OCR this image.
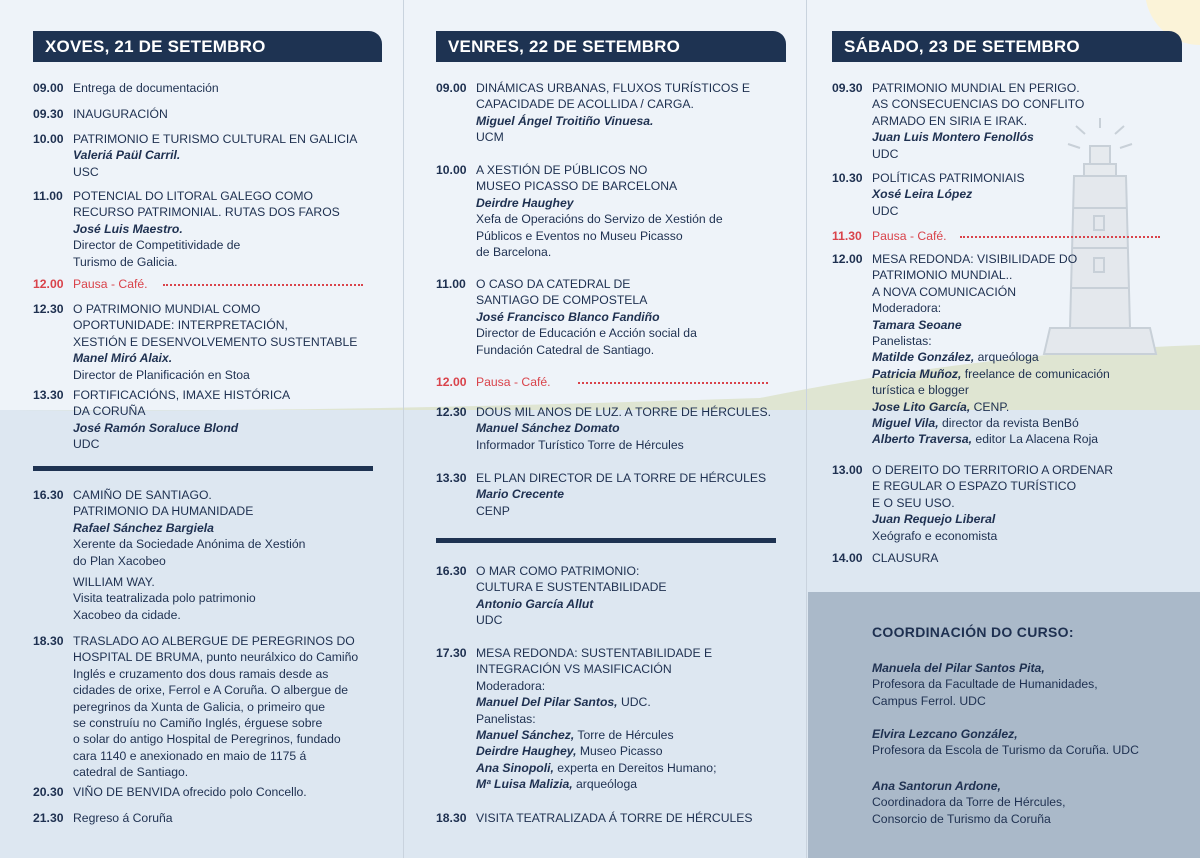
XOVES, 21 DE SETEMBRO
09.00 Entrega de documentación
09.30 INAUGURACIÓN
10.00 PATRIMONIO E TURISMO CULTURAL EN GALICIA
Valeriá Paül Carril.
USC
11.00 POTENCIAL DO LITORAL GALEGO COMO
RECURSO PATRIMONIAL. RUTAS DOS FAROS
José Luis Maestro.
Director de Competitividade de
Turismo de Galicia.
12.00 Pausa - Café.
12.30 O PATRIMONIO MUNDIAL COMO
OPORTUNIDADE: INTERPRETACIÓN,
XESTIÓN E DESENVOLVEMENTO SUSTENTABLE
Manel Miró Alaix.
Director de Planificación en Stoa
13.30 FORTIFICACIÓNS, IMAXE HISTÓRICA
DA CORUÑA
José Ramón Soraluce Blond
UDC
16.30 CAMIÑO DE SANTIAGO.
PATRIMONIO DA HUMANIDADE
Rafael Sánchez Bargiela
Xerente da Sociedade Anónima de Xestión
do Plan Xacobeo
WILLIAM WAY.
Visita teatralizada polo patrimonio
Xacobeo da cidade.
18.30 TRASLADO AO ALBERGUE DE PEREGRINOS DO
HOSPITAL DE BRUMA, punto neurálxico do Camiño
Inglés e cruzamento dos dous ramais desde as
cidades de orixe, Ferrol e A Coruña. O albergue de
peregrinos da Xunta de Galicia, o primeiro que
se construíu no Camiño Inglés, érguese sobre
o solar do antigo Hospital de Peregrinos, fundado
cara 1140 e anexionado en maio de 1175 á
catedral de Santiago.
20.30 VIÑO DE BENVIDA ofrecido polo Concello.
21.30 Regreso á Coruña
VENRES, 22 DE SETEMBRO
09.00 DINÁMICAS URBANAS, FLUXOS TURÍSTICOS E
CAPACIDADE DE ACOLLIDA / CARGA.
Miguel Ángel Troitiño Vinuesa.
UCM
10.00 A XESTIÓN DE PÚBLICOS NO
MUSEO PICASSO DE BARCELONA
Deirdre Haughey
Xefa de Operacións do Servizo de Xestión de
Públicos e Eventos no Museu Picasso
de Barcelona.
11.00 O CASO DA CATEDRAL DE
SANTIAGO DE COMPOSTELA
José Francisco Blanco Fandiño
Director de Educación e Acción social da
Fundación Catedral de Santiago.
12.00 Pausa - Café.
12.30 DOUS MIL ANOS DE LUZ. A TORRE DE HÉRCULES.
Manuel Sánchez Domato
Informador Turístico Torre de Hércules
13.30 EL PLAN DIRECTOR DE LA TORRE DE HÉRCULES
Mario Crecente
CENP
16.30 O MAR COMO PATRIMONIO:
CULTURA E SUSTENTABILIDADE
Antonio García Allut
UDC
17.30 MESA REDONDA: SUSTENTABILIDADE E
INTEGRACIÓN VS MASIFICACIÓN
Moderadora:
Manuel Del Pilar Santos, UDC.
Panelistas:
Manuel Sánchez, Torre de Hércules
Deirdre Haughey, Museo Picasso
Ana Sinopoli, experta en Dereitos Humano;
Mª Luisa Malizia, arqueóloga
18.30 VISITA TEATRALIZADA Á TORRE DE HÉRCULES
SÁBADO, 23 DE SETEMBRO
09.30 PATRIMONIO MUNDIAL EN PERIGO.
AS CONSECUENCIAS DO CONFLITO
ARMADO EN SIRIA E IRAK.
Juan Luis Montero Fenollós
UDC
10.30 POLÍTICAS PATRIMONIAIS
Xosé Leira López
UDC
11.30 Pausa - Café.
12.00 MESA REDONDA: VISIBILIDADE DO
PATRIMONIO MUNDIAL..
A NOVA COMUNICACIÓN
Moderadora:
Tamara Seoane
Panelistas:
Matilde González, arqueóloga
Patricia Muñoz, freelance de comunicación
turística e blogger
Jose Lito García, CENP.
Miguel Vila, director da revista BenBó
Alberto Traversa, editor La Alacena Roja
13.00 O DEREITO DO TERRITORIO A ORDENAR
E REGULAR O ESPAZO TURÍSTICO
E O SEU USO.
Juan Requejo Liberal
Xeógrafo e economista
14.00 CLAUSURA
COORDINACIÓN DO CURSO:
Manuela del Pilar Santos Pita,
Profesora da Facultade de Humanidades,
Campus Ferrol. UDC
Elvira Lezcano González,
Profesora da Escola de Turismo da Coruña. UDC
Ana Santorun Ardone,
Coordinadora da Torre de Hércules,
Consorcio de Turismo da Coruña
